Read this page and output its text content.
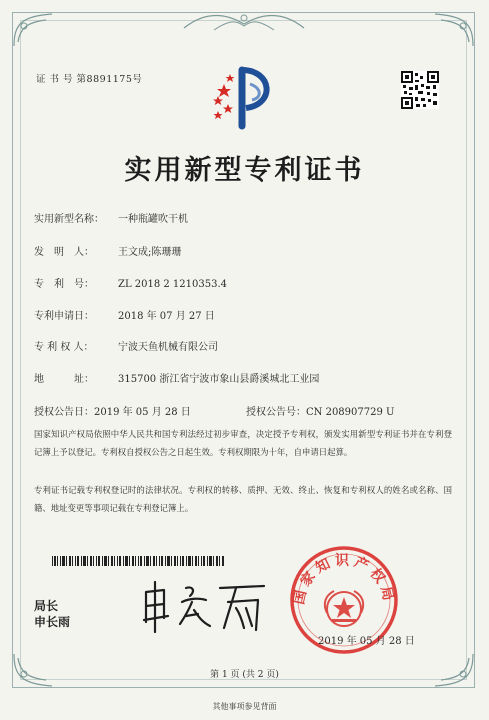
证 书 号 第8891175号
实用新型专利证书
实用新型名称： 一种瓶罐吹干机
发　明　人： 王文成;陈珊珊
专　利　号： ZL 2018 2 1210353.4
专利申请日： 2018 年 07 月 27 日
专 利 权 人： 宁波天鱼机械有限公司
地　　　址： 315700 浙江省宁波市象山县爵溪城北工业园
授权公告日：2019 年 05 月 28 日	授权公告号：CN 208907729 U
国家知识产权局依照中华人民共和国专利法经过初步审查，决定授予专利权，颁发实用新型专利证书并在专利登记簿上予以登记。专利权自授权公告之日起生效。专利权期限为十年，自申请日起算。
专利证书记载专利权登记时的法律状况。专利权的转移、质押、无效、终止、恢复和专利权人的姓名或名称、国籍、地址变更等事项记载在专利登记簿上。
局长
申长雨
国家知识产权局
2019 年 05 月 28 日
第 1 页 (共 2 页)
其他事项参见背面
